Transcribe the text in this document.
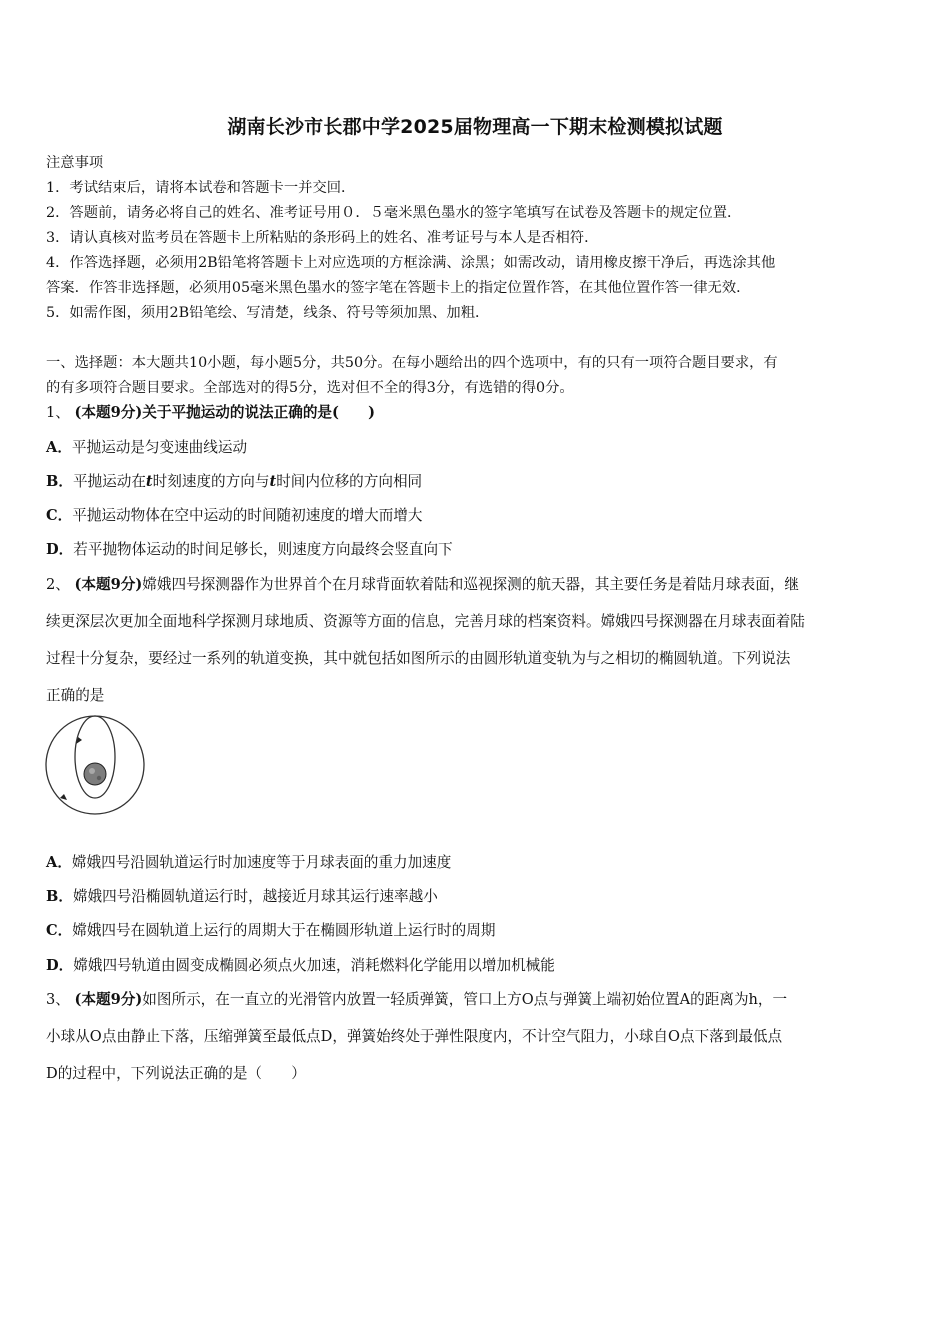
湖南长沙市长郡中学2025届物理高一下期末检测模拟试题
注意事项
1．考试结束后，请将本试卷和答题卡一并交回．
2．答题前，请务必将自己的姓名、准考证号用０．５毫米黑色墨水的签字笔填写在试卷及答题卡的规定位置．
3．请认真核对监考员在答题卡上所粘贴的条形码上的姓名、准考证号与本人是否相符．
4．作答选择题，必须用2B铅笔将答题卡上对应选项的方框涂满、涂黑；如需改动，请用橡皮擦干净后，再选涂其他
答案．作答非选择题，必须用05毫米黑色墨水的签字笔在答题卡上的指定位置作答，在其他位置作答一律无效．
5．如需作图，须用2B铅笔绘、写清楚，线条、符号等须加黑、加粗．
一、选择题：本大题共10小题，每小题5分，共50分。在每小题给出的四个选项中，有的只有一项符合题目要求，有
的有多项符合题目要求。全部选对的得5分，选对但不全的得3分，有选错的得0分。
1、 (本题9分)关于平抛运动的说法正确的是(　　)
A．平抛运动是匀变速曲线运动
B．平抛运动在t时刻速度的方向与t时间内位移的方向相同
C．平抛运动物体在空中运动的时间随初速度的增大而增大
D．若平抛物体运动的时间足够长，则速度方向最终会竖直向下
2、 (本题9分)嫦娥四号探测器作为世界首个在月球背面软着陆和巡视探测的航天器，其主要任务是着陆月球表面，继
续更深层次更加全面地科学探测月球地质、资源等方面的信息，完善月球的档案资料。嫦娥四号探测器在月球表面着陆
过程十分复杂，要经过一系列的轨道变换，其中就包括如图所示的由圆形轨道变轨为与之相切的椭圆轨道。下列说法
正确的是
A．嫦娥四号沿圆轨道运行时加速度等于月球表面的重力加速度
B．嫦娥四号沿椭圆轨道运行时，越接近月球其运行速率越小
C．嫦娥四号在圆轨道上运行的周期大于在椭圆形轨道上运行时的周期
D．嫦娥四号轨道由圆变成椭圆必须点火加速，消耗燃料化学能用以增加机械能
3、 (本题9分)如图所示，在一直立的光滑管内放置一轻质弹簧，管口上方O点与弹簧上端初始位置A的距离为h，一
小球从O点由静止下落，压缩弹簧至最低点D，弹簧始终处于弹性限度内，不计空气阻力，小球自O点下落到最低点
D的过程中，下列说法正确的是（　　）
